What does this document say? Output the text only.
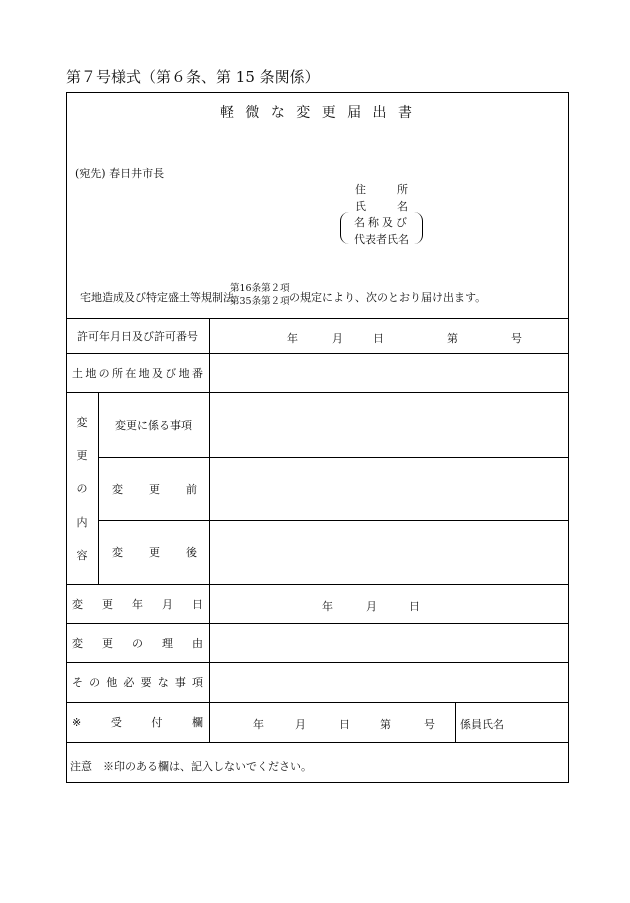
第７号様式（第６条、第 15 条関係）
軽 微 な 変 更 届 出 書
(宛先) 春日井市長
住	所
氏	名
名 称 及 び
代表者氏名
宅地造成及び特定盛土等規制法
第16条第２項
第35条第２項 の規定により、次のとおり届け出ます。
許可年月日及び許可番号	年	月	日	第	号
土 地 の 所 在 地 及 び 地 番
変
更
の
内
容
変更に係る事項
変 更 前
変 更 後
変 更 年 月 日	年	月	日
変 更 の 理 由
そ の 他 必 要 な 事 項
※	受	付	欄	年	月	日	第	号 係員氏名
注意　※印のある欄は、記入しないでください。
